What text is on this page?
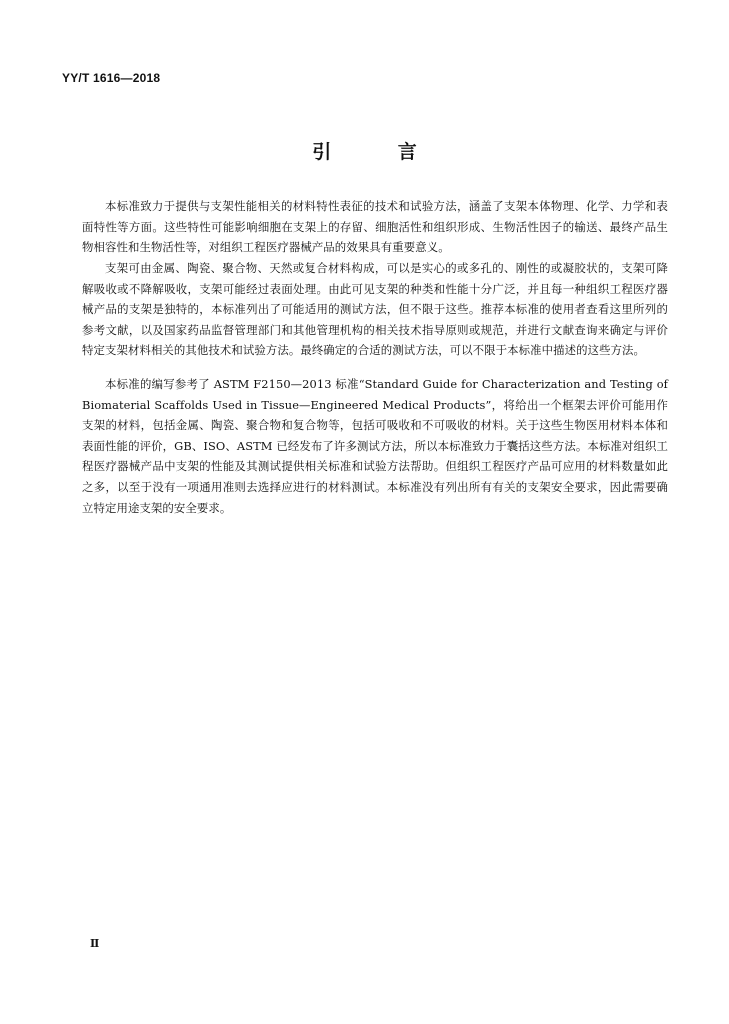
YY/T 1616—2018
引 言

本标准致力于提供与支架性能相关的材料特性表征的技术和试验方法，涵盖了支架本体物理、化学、力学和表面特性等方面。这些特性可能影响细胞在支架上的存留、细胞活性和组织形成、生物活性因子的输送、最终产品生物相容性和生物活性等，对组织工程医疗器械产品的效果具有重要意义。

支架可由金属、陶瓷、聚合物、天然或复合材料构成，可以是实心的或多孔的、刚性的或凝胶状的，支架可降解吸收或不降解吸收，支架可能经过表面处理。由此可见支架的种类和性能十分广泛，并且每一种组织工程医疗器械产品的支架是独特的，本标准列出了可能适用的测试方法，但不限于这些。推荐本标准的使用者查看这里所列的参考文献，以及国家药品监督管理部门和其他管理机构的相关技术指导原则或规范，并进行文献查询来确定与评价特定支架材料相关的其他技术和试验方法。最终确定的合适的测试方法，可以不限于本标准中描述的这些方法。

本标准的编写参考了 ASTM F2150—2013 标准“Standard Guide for Characterization and Testing of Biomaterial Scaffolds Used in Tissue—Engineered Medical Products”，将给出一个框架去评价可能用作支架的材料，包括金属、陶瓷、聚合物和复合物等，包括可吸收和不可吸收的材料。关于这些生物医用材料本体和表面性能的评价，GB、ISO、ASTM 已经发布了许多测试方法，所以本标准致力于囊括这些方法。本标准对组织工程医疗器械产品中支架的性能及其测试提供相关标准和试验方法帮助。但组织工程医疗产品可应用的材料数量如此之多，以至于没有一项通用准则去选择应进行的材料测试。本标准没有列出所有有关的支架安全要求，因此需要确立特定用途支架的安全要求。

Ⅱ
